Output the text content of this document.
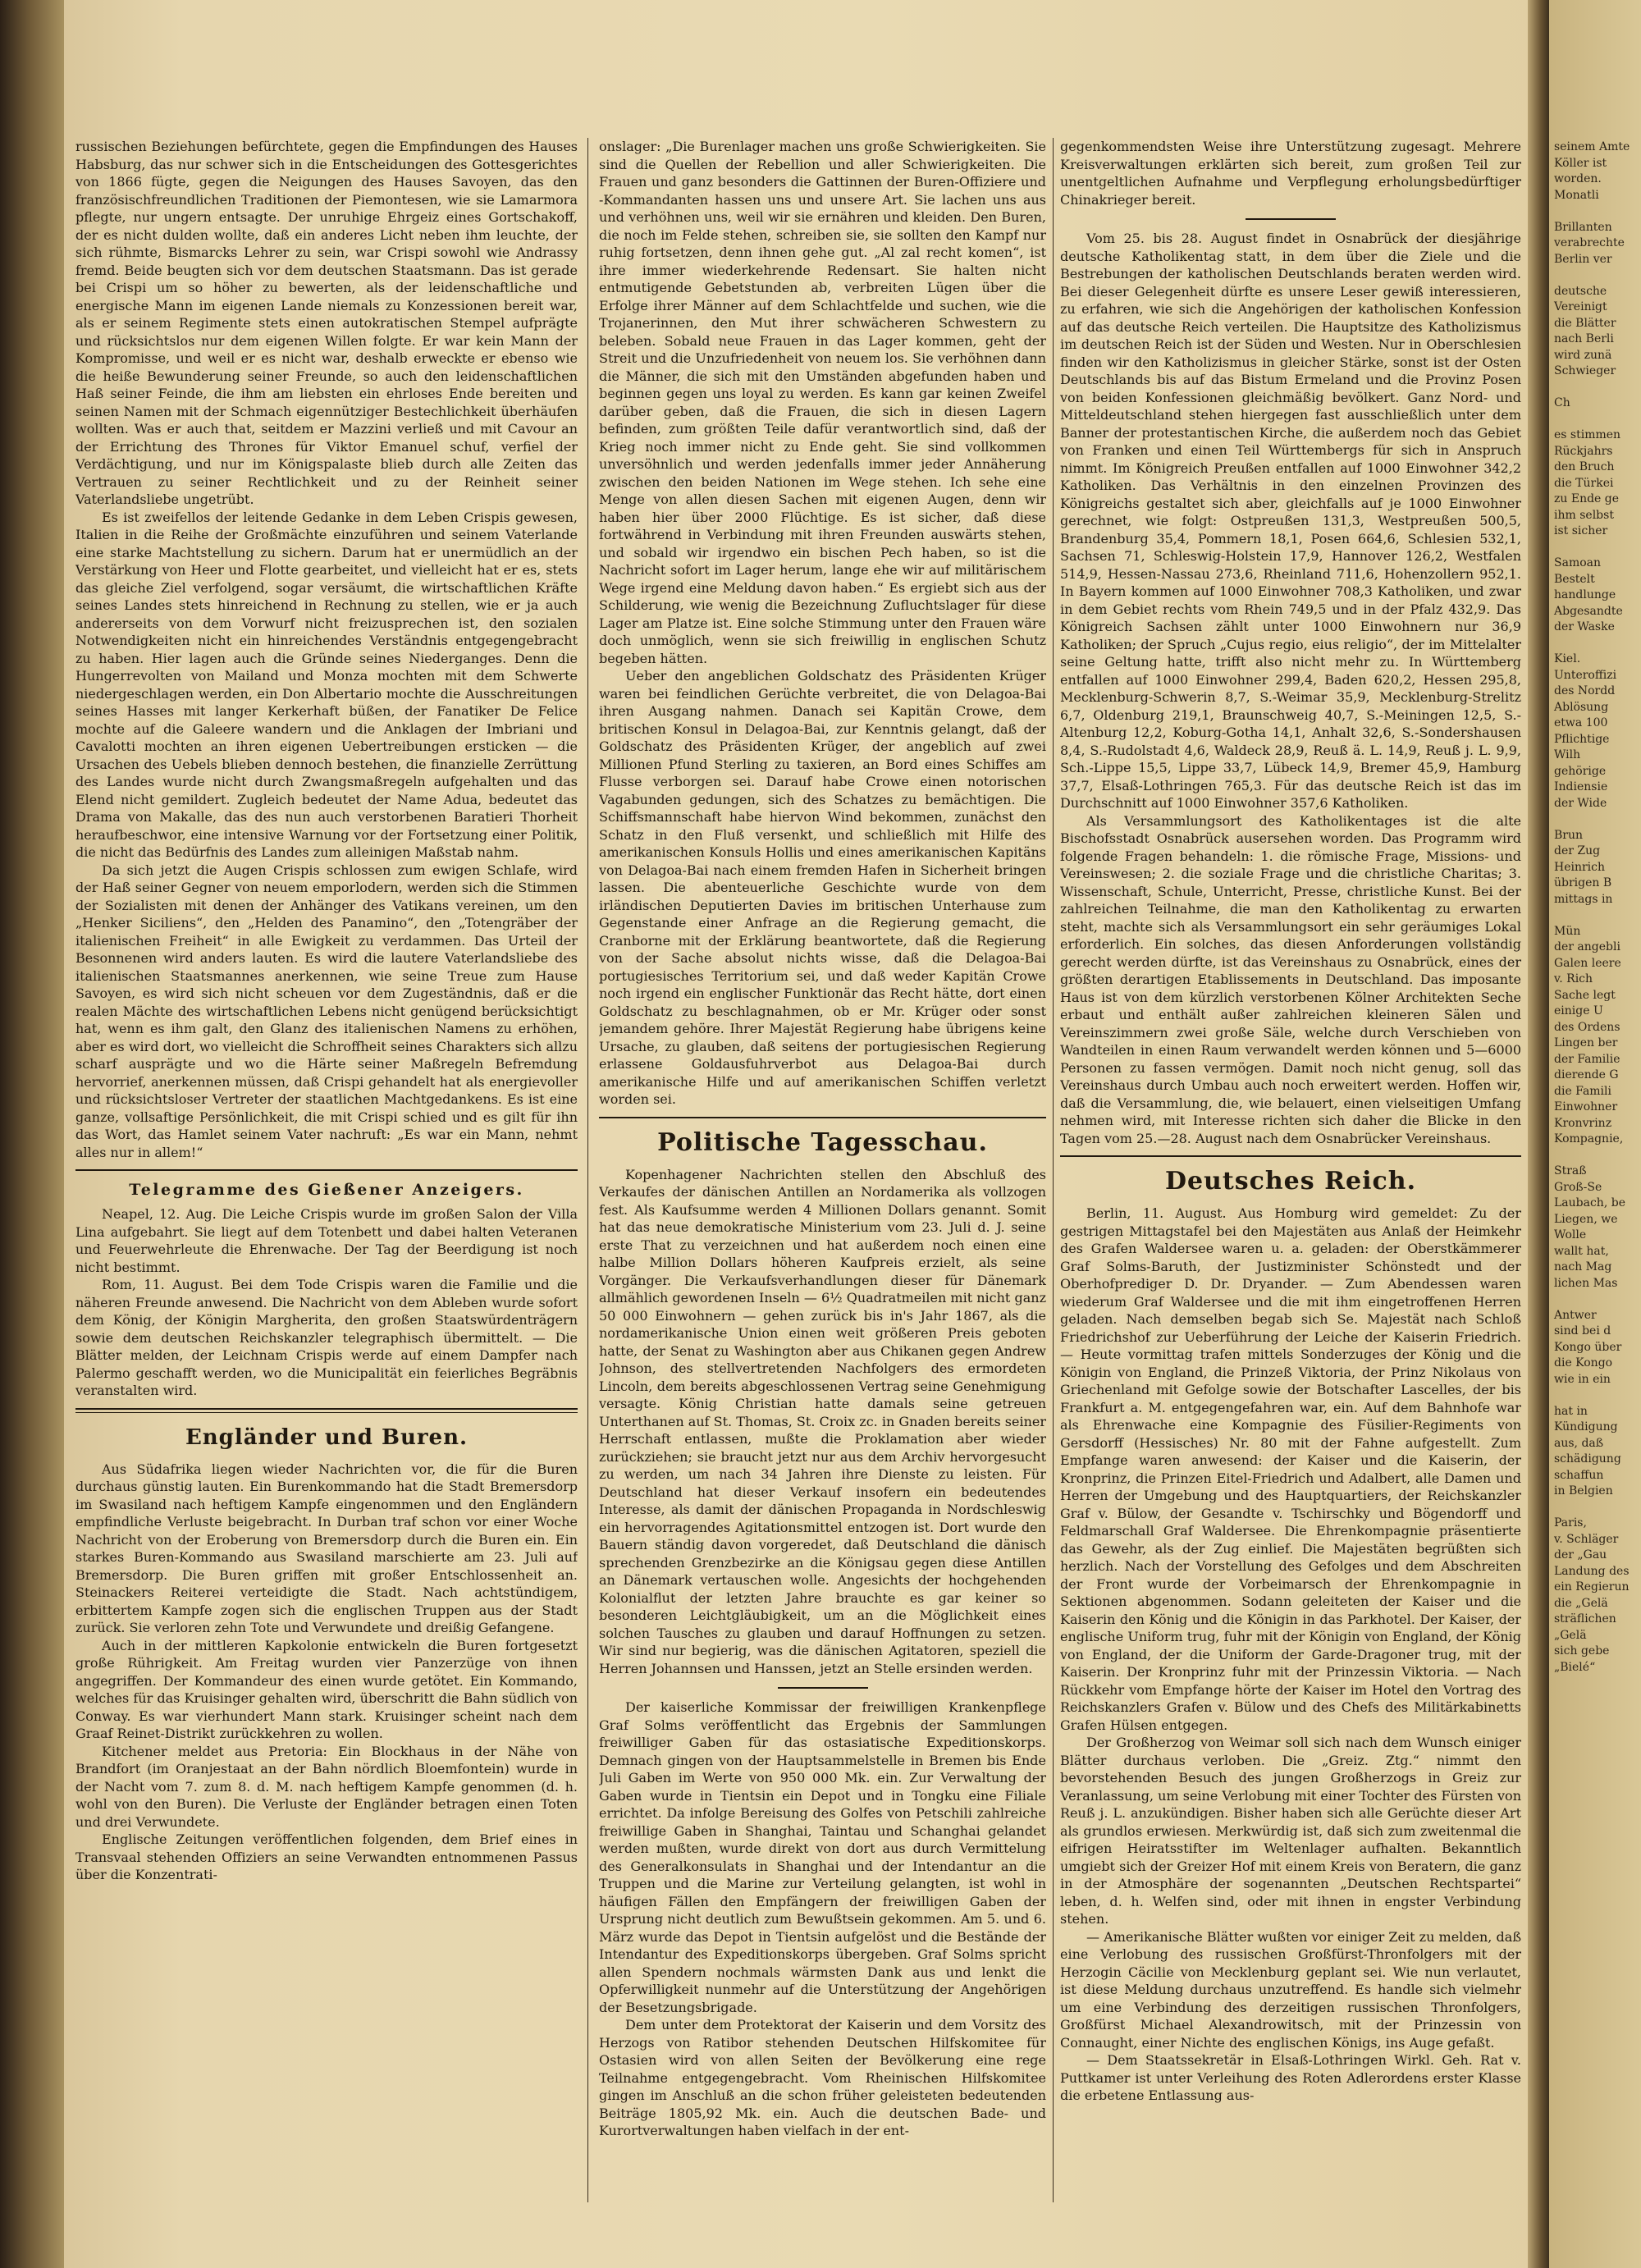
seinem Amte
Köller ist
worden.
Monatli

Brillanten
verabrechte
Berlin ver

deutsche
Vereinigt
die Blätter
nach Berli
wird zunä
Schwieger

Ch

es stimmen
Rückjahrs
den Bruch
die Türkei
zu Ende ge
ihm selbst
ist sicher

Samoan
Bestelt
handlunge
Abgesandte
der Waske

Kiel.
Unteroffizi
des Nordd
Ablösung
etwa 100
Pflichtige
Wilh
gehörige
Indiensie
der Wide

Brun
der Zug
Heinrich
übrigen B
mittags in

Mün
der angebli
Galen leere
v. Rich
Sache legt
einige U
des Ordens
Lingen ber
der Familie
dierende G
die Famili
Einwohner
Kronvrinz
Kompagnie,

Straß
Groß-Se
Laubach, be
Liegen, we
Wolle
wallt hat,
nach Mag
lichen Mas

Antwer
sind bei d
Kongo über
die Kongo
wie in ein

hat in
Kündigung
aus, daß
schädigung
schaffun
in Belgien

Paris,
v. Schläger
der „Gau
Landung des
ein Regierun
die „Gelä
sträflichen
„Gelä
sich gebe
„Bielé“

russischen Beziehungen befürchtete, gegen die Empfindungen des Hauses Habsburg, das nur schwer sich in die Entscheidungen des Gottesgerichtes von 1866 fügte, gegen die Neigungen des Hauses Savoyen, das den französischfreundlichen Traditionen der Piemontesen, wie sie Lamarmora pflegte, nur ungern entsagte. Der unruhige Ehrgeiz eines Gortschakoff, der es nicht dulden wollte, daß ein anderes Licht neben ihm leuchte, der sich rühmte, Bismarcks Lehrer zu sein, war Crispi sowohl wie Andrassy fremd. Beide beugten sich vor dem deutschen Staatsmann. Das ist gerade bei Crispi um so höher zu bewerten, als der leidenschaftliche und energische Mann im eigenen Lande niemals zu Konzessionen bereit war, als er seinem Regimente stets einen autokratischen Stempel aufprägte und rücksichtslos nur dem eigenen Willen folgte. Er war kein Mann der Kompromisse, und weil er es nicht war, deshalb erweckte er ebenso wie die heiße Bewunderung seiner Freunde, so auch den leidenschaftlichen Haß seiner Feinde, die ihm am liebsten ein ehrloses Ende bereiten und seinen Namen mit der Schmach eigennütziger Bestechlichkeit überhäufen wollten. Was er auch that, seitdem er Mazzini verließ und mit Cavour an der Errichtung des Thrones für Viktor Emanuel schuf, verfiel der Verdächtigung, und nur im Königspalaste blieb durch alle Zeiten das Vertrauen zu seiner Rechtlichkeit und zu der Reinheit seiner Vaterlandsliebe ungetrübt.

Es ist zweifellos der leitende Gedanke in dem Leben Crispis gewesen, Italien in die Reihe der Großmächte einzuführen und seinem Vaterlande eine starke Machtstellung zu sichern. Darum hat er unermüdlich an der Verstärkung von Heer und Flotte gearbeitet, und vielleicht hat er es, stets das gleiche Ziel verfolgend, sogar versäumt, die wirtschaftlichen Kräfte seines Landes stets hinreichend in Rechnung zu stellen, wie er ja auch andererseits von dem Vorwurf nicht freizusprechen ist, den sozialen Notwendigkeiten nicht ein hinreichendes Verständnis entgegengebracht zu haben. Hier lagen auch die Gründe seines Niederganges. Denn die Hungerrevolten von Mailand und Monza mochten mit dem Schwerte niedergeschlagen werden, ein Don Albertario mochte die Ausschreitungen seines Hasses mit langer Kerkerhaft büßen, der Fanatiker De Felice mochte auf die Galeere wandern und die Anklagen der Imbriani und Cavalotti mochten an ihren eigenen Uebertreibungen ersticken — die Ursachen des Uebels blieben dennoch bestehen, die finanzielle Zerrüttung des Landes wurde nicht durch Zwangsmaßregeln aufgehalten und das Elend nicht gemildert. Zugleich bedeutet der Name Adua, bedeutet das Drama von Makalle, das des nun auch verstorbenen Baratieri Thorheit heraufbeschwor, eine intensive Warnung vor der Fortsetzung einer Politik, die nicht das Bedürfnis des Landes zum alleinigen Maßstab nahm.

Da sich jetzt die Augen Crispis schlossen zum ewigen Schlafe, wird der Haß seiner Gegner von neuem emporlodern, werden sich die Stimmen der Sozialisten mit denen der Anhänger des Vatikans vereinen, um den „Henker Siciliens“, den „Helden des Panamino“, den „Totengräber der italienischen Freiheit“ in alle Ewigkeit zu verdammen. Das Urteil der Besonnenen wird anders lauten. Es wird die lautere Vaterlandsliebe des italienischen Staatsmannes anerkennen, wie seine Treue zum Hause Savoyen, es wird sich nicht scheuen vor dem Zugeständnis, daß er die realen Mächte des wirtschaftlichen Lebens nicht genügend berücksichtigt hat, wenn es ihm galt, den Glanz des italienischen Namens zu erhöhen, aber es wird dort, wo vielleicht die Schroffheit seines Charakters sich allzu scharf ausprägte und wo die Härte seiner Maßregeln Befremdung hervorrief, anerkennen müssen, daß Crispi gehandelt hat als energievoller und rücksichtsloser Vertreter der staatlichen Machtgedankens. Es ist eine ganze, vollsaftige Persönlichkeit, die mit Crispi schied und es gilt für ihn das Wort, das Hamlet seinem Vater nachruft: „Es war ein Mann, nehmt alles nur in allem!“

Telegramme des Gießener Anzeigers.

Neapel, 12. Aug. Die Leiche Crispis wurde im großen Salon der Villa Lina aufgebahrt. Sie liegt auf dem Totenbett und dabei halten Veteranen und Feuerwehrleute die Ehrenwache. Der Tag der Beerdigung ist noch nicht bestimmt.

Rom, 11. August. Bei dem Tode Crispis waren die Familie und die näheren Freunde anwesend. Die Nachricht von dem Ableben wurde sofort dem König, der Königin Margherita, den großen Staatswürdenträgern sowie dem deutschen Reichskanzler telegraphisch übermittelt. — Die Blätter melden, der Leichnam Crispis werde auf einem Dampfer nach Palermo geschafft werden, wo die Municipalität ein feierliches Begräbnis veranstalten wird.

Engländer und Buren.

Aus Südafrika liegen wieder Nachrichten vor, die für die Buren durchaus günstig lauten. Ein Burenkommando hat die Stadt Bremersdorp im Swasiland nach heftigem Kampfe eingenommen und den Engländern empfindliche Verluste beigebracht. In Durban traf schon vor einer Woche Nachricht von der Eroberung von Bremersdorp durch die Buren ein. Ein starkes Buren-Kommando aus Swasiland marschierte am 23. Juli auf Bremersdorp. Die Buren griffen mit großer Entschlossenheit an. Steinackers Reiterei verteidigte die Stadt. Nach achtstündigem, erbittertem Kampfe zogen sich die englischen Truppen aus der Stadt zurück. Sie verloren zehn Tote und Verwundete und dreißig Gefangene.

Auch in der mittleren Kapkolonie entwickeln die Buren fortgesetzt große Rührigkeit. Am Freitag wurden vier Panzerzüge von ihnen angegriffen. Der Kommandeur des einen wurde getötet. Ein Kommando, welches für das Kruisinger gehalten wird, überschritt die Bahn südlich von Conway. Es war vierhundert Mann stark. Kruisinger scheint nach dem Graaf Reinet-Distrikt zurückkehren zu wollen.

Kitchener meldet aus Pretoria: Ein Blockhaus in der Nähe von Brandfort (im Oranjestaat an der Bahn nördlich Bloemfontein) wurde in der Nacht vom 7. zum 8. d. M. nach heftigem Kampfe genommen (d. h. wohl von den Buren). Die Verluste der Engländer betragen einen Toten und drei Verwundete.

Englische Zeitungen veröffentlichen folgenden, dem Brief eines in Transvaal stehenden Offiziers an seine Verwandten entnommenen Passus über die Konzentrati-

onslager: „Die Burenlager machen uns große Schwierigkeiten. Sie sind die Quellen der Rebellion und aller Schwierigkeiten. Die Frauen und ganz besonders die Gattinnen der Buren-Offiziere und -Kommandanten hassen uns und unsere Art. Sie lachen uns aus und verhöhnen uns, weil wir sie ernähren und kleiden. Den Buren, die noch im Felde stehen, schreiben sie, sie sollten den Kampf nur ruhig fortsetzen, denn ihnen gehe gut. „Al zal recht komen“, ist ihre immer wiederkehrende Redensart. Sie halten nicht entmutigende Gebetstunden ab, verbreiten Lügen über die Erfolge ihrer Männer auf dem Schlachtfelde und suchen, wie die Trojanerinnen, den Mut ihrer schwächeren Schwestern zu beleben. Sobald neue Frauen in das Lager kommen, geht der Streit und die Unzufriedenheit von neuem los. Sie verhöhnen dann die Männer, die sich mit den Umständen abgefunden haben und beginnen gegen uns loyal zu werden. Es kann gar keinen Zweifel darüber geben, daß die Frauen, die sich in diesen Lagern befinden, zum größten Teile dafür verantwortlich sind, daß der Krieg noch immer nicht zu Ende geht. Sie sind vollkommen unversöhnlich und werden jedenfalls immer jeder Annäherung zwischen den beiden Nationen im Wege stehen. Ich sehe eine Menge von allen diesen Sachen mit eigenen Augen, denn wir haben hier über 2000 Flüchtige. Es ist sicher, daß diese fortwährend in Verbindung mit ihren Freunden auswärts stehen, und sobald wir irgendwo ein bischen Pech haben, so ist die Nachricht sofort im Lager herum, lange ehe wir auf militärischem Wege irgend eine Meldung davon haben.“ Es ergiebt sich aus der Schilderung, wie wenig die Bezeichnung Zufluchtslager für diese Lager am Platze ist. Eine solche Stimmung unter den Frauen wäre doch unmöglich, wenn sie sich freiwillig in englischen Schutz begeben hätten.

Ueber den angeblichen Goldschatz des Präsidenten Krüger waren bei feindlichen Gerüchte verbreitet, die von Delagoa-Bai ihren Ausgang nahmen. Danach sei Kapitän Crowe, dem britischen Konsul in Delagoa-Bai, zur Kenntnis gelangt, daß der Goldschatz des Präsidenten Krüger, der angeblich auf zwei Millionen Pfund Sterling zu taxieren, an Bord eines Schiffes am Flusse verborgen sei. Darauf habe Crowe einen notorischen Vagabunden gedungen, sich des Schatzes zu bemächtigen. Die Schiffsmannschaft habe hiervon Wind bekommen, zunächst den Schatz in den Fluß versenkt, und schließlich mit Hilfe des amerikanischen Konsuls Hollis und eines amerikanischen Kapitäns von Delagoa-Bai nach einem fremden Hafen in Sicherheit bringen lassen. Die abenteuerliche Geschichte wurde von dem irländischen Deputierten Davies im britischen Unterhause zum Gegenstande einer Anfrage an die Regierung gemacht, die Cranborne mit der Erklärung beantwortete, daß die Regierung von der Sache absolut nichts wisse, daß die Delagoa-Bai portugiesisches Territorium sei, und daß weder Kapitän Crowe noch irgend ein englischer Funktionär das Recht hätte, dort einen Goldschatz zu beschlagnahmen, ob er Mr. Krüger oder sonst jemandem gehöre. Ihrer Majestät Regierung habe übrigens keine Ursache, zu glauben, daß seitens der portugiesischen Regierung erlassene Goldausfuhrverbot aus Delagoa-Bai durch amerikanische Hilfe und auf amerikanischen Schiffen verletzt worden sei.

Politische Tagesschau.

Kopenhagener Nachrichten stellen den Abschluß des Verkaufes der dänischen Antillen an Nordamerika als vollzogen fest. Als Kaufsumme werden 4 Millionen Dollars genannt. Somit hat das neue demokratische Ministerium vom 23. Juli d. J. seine erste That zu verzeichnen und hat außerdem noch einen eine halbe Million Dollars höheren Kaufpreis erzielt, als seine Vorgänger. Die Verkaufsverhandlungen dieser für Dänemark allmählich gewordenen Inseln — 6½ Quadratmeilen mit nicht ganz 50 000 Einwohnern — gehen zurück bis in's Jahr 1867, als die nordamerikanische Union einen weit größeren Preis geboten hatte, der Senat zu Washington aber aus Chikanen gegen Andrew Johnson, des stellvertretenden Nachfolgers des ermordeten Lincoln, dem bereits abgeschlossenen Vertrag seine Genehmigung versagte. König Christian hatte damals seine getreuen Unterthanen auf St. Thomas, St. Croix zc. in Gnaden bereits seiner Herrschaft entlassen, mußte die Proklamation aber wieder zurückziehen; sie braucht jetzt nur aus dem Archiv hervorgesucht zu werden, um nach 34 Jahren ihre Dienste zu leisten. Für Deutschland hat dieser Verkauf insofern ein bedeutendes Interesse, als damit der dänischen Propaganda in Nordschleswig ein hervorragendes Agitationsmittel entzogen ist. Dort wurde den Bauern ständig davon vorgeredet, daß Deutschland die dänisch sprechenden Grenzbezirke an die Königsau gegen diese Antillen an Dänemark vertauschen wolle. Angesichts der hochgehenden Kolonialflut der letzten Jahre brauchte es gar keiner so besonderen Leichtgläubigkeit, um an die Möglichkeit eines solchen Tausches zu glauben und darauf Hoffnungen zu setzen. Wir sind nur begierig, was die dänischen Agitatoren, speziell die Herren Johannsen und Hanssen, jetzt an Stelle ersinden werden.

Der kaiserliche Kommissar der freiwilligen Krankenpflege Graf Solms veröffentlicht das Ergebnis der Sammlungen freiwilliger Gaben für das ostasiatische Expeditionskorps. Demnach gingen von der Hauptsammelstelle in Bremen bis Ende Juli Gaben im Werte von 950 000 Mk. ein. Zur Verwaltung der Gaben wurde in Tientsin ein Depot und in Tongku eine Filiale errichtet. Da infolge Bereisung des Golfes von Petschili zahlreiche freiwillige Gaben in Shanghai, Taintau und Schanghai gelandet werden mußten, wurde direkt von dort aus durch Vermittelung des Generalkonsulats in Shanghai und der Intendantur an die Truppen und die Marine zur Verteilung gelangten, ist wohl in häufigen Fällen den Empfängern der freiwilligen Gaben der Ursprung nicht deutlich zum Bewußtsein gekommen. Am 5. und 6. März wurde das Depot in Tientsin aufgelöst und die Bestände der Intendantur des Expeditionskorps übergeben. Graf Solms spricht allen Spendern nochmals wärmsten Dank aus und lenkt die Opferwilligkeit nunmehr auf die Unterstützung der Angehörigen der Besetzungsbrigade.

Dem unter dem Protektorat der Kaiserin und dem Vorsitz des Herzogs von Ratibor stehenden Deutschen Hilfskomitee für Ostasien wird von allen Seiten der Bevölkerung eine rege Teilnahme entgegengebracht. Vom Rheinischen Hilfskomitee gingen im Anschluß an die schon früher geleisteten bedeutenden Beiträge 1805,92 Mk. ein. Auch die deutschen Bade- und Kurortverwaltungen haben vielfach in der ent-

gegenkommendsten Weise ihre Unterstützung zugesagt. Mehrere Kreisverwaltungen erklärten sich bereit, zum großen Teil zur unentgeltlichen Aufnahme und Verpflegung erholungsbedürftiger Chinakrieger bereit.

Vom 25. bis 28. August findet in Osnabrück der diesjährige deutsche Katholikentag statt, in dem über die Ziele und die Bestrebungen der katholischen Deutschlands beraten werden wird. Bei dieser Gelegenheit dürfte es unsere Leser gewiß interessieren, zu erfahren, wie sich die Angehörigen der katholischen Konfession auf das deutsche Reich verteilen. Die Hauptsitze des Katholizismus im deutschen Reich ist der Süden und Westen. Nur in Oberschlesien finden wir den Katholizismus in gleicher Stärke, sonst ist der Osten Deutschlands bis auf das Bistum Ermeland und die Provinz Posen von beiden Konfessionen gleichmäßig bevölkert. Ganz Nord- und Mitteldeutschland stehen hiergegen fast ausschließlich unter dem Banner der protestantischen Kirche, die außerdem noch das Gebiet von Franken und einen Teil Württembergs für sich in Anspruch nimmt. Im Königreich Preußen entfallen auf 1000 Einwohner 342,2 Katholiken. Das Verhältnis in den einzelnen Provinzen des Königreichs gestaltet sich aber, gleichfalls auf je 1000 Einwohner gerechnet, wie folgt: Ostpreußen 131,3, Westpreußen 500,5, Brandenburg 35,4, Pommern 18,1, Posen 664,6, Schlesien 532,1, Sachsen 71, Schleswig-Holstein 17,9, Hannover 126,2, Westfalen 514,9, Hessen-Nassau 273,6, Rheinland 711,6, Hohenzollern 952,1. In Bayern kommen auf 1000 Einwohner 708,3 Katholiken, und zwar in dem Gebiet rechts vom Rhein 749,5 und in der Pfalz 432,9. Das Königreich Sachsen zählt unter 1000 Einwohnern nur 36,9 Katholiken; der Spruch „Cujus regio, eius religio“, der im Mittelalter seine Geltung hatte, trifft also nicht mehr zu. In Württemberg entfallen auf 1000 Einwohner 299,4, Baden 620,2, Hessen 295,8, Mecklenburg-Schwerin 8,7, S.-Weimar 35,9, Mecklenburg-Strelitz 6,7, Oldenburg 219,1, Braunschweig 40,7, S.-Meiningen 12,5, S.-Altenburg 12,2, Koburg-Gotha 14,1, Anhalt 32,6, S.-Sondershausen 8,4, S.-Rudolstadt 4,6, Waldeck 28,9, Reuß ä. L. 14,9, Reuß j. L. 9,9, Sch.-Lippe 15,5, Lippe 33,7, Lübeck 14,9, Bremer 45,9, Hamburg 37,7, Elsaß-Lothringen 765,3. Für das deutsche Reich ist das im Durchschnitt auf 1000 Einwohner 357,6 Katholiken.

Als Versammlungsort des Katholikentages ist die alte Bischofsstadt Osnabrück ausersehen worden. Das Programm wird folgende Fragen behandeln: 1. die römische Frage, Missions- und Vereinswesen; 2. die soziale Frage und die christliche Charitas; 3. Wissenschaft, Schule, Unterricht, Presse, christliche Kunst. Bei der zahlreichen Teilnahme, die man den Katholikentag zu erwarten steht, machte sich als Versammlungsort ein sehr geräumiges Lokal erforderlich. Ein solches, das diesen Anforderungen vollständig gerecht werden dürfte, ist das Vereinshaus zu Osnabrück, eines der größten derartigen Etablissements in Deutschland. Das imposante Haus ist von dem kürzlich verstorbenen Kölner Architekten Seche erbaut und enthält außer zahlreichen kleineren Sälen und Vereinszimmern zwei große Säle, welche durch Verschieben von Wandteilen in einen Raum verwandelt werden können und 5—6000 Personen zu fassen vermögen. Damit noch nicht genug, soll das Vereinshaus durch Umbau auch noch erweitert werden. Hoffen wir, daß die Versammlung, die, wie belauert, einen vielseitigen Umfang nehmen wird, mit Interesse richten sich daher die Blicke in den Tagen vom 25.—28. August nach dem Osnabrücker Vereinshaus.

Deutsches Reich.

Berlin, 11. August. Aus Homburg wird gemeldet: Zu der gestrigen Mittagstafel bei den Majestäten aus Anlaß der Heimkehr des Grafen Waldersee waren u. a. geladen: der Oberstkämmerer Graf Solms-Baruth, der Justizminister Schönstedt und der Oberhofprediger D. Dr. Dryander. — Zum Abendessen waren wiederum Graf Waldersee und die mit ihm eingetroffenen Herren geladen. Nach demselben begab sich Se. Majestät nach Schloß Friedrichshof zur Ueberführung der Leiche der Kaiserin Friedrich. — Heute vormittag trafen mittels Sonderzuges der König und die Königin von England, die Prinzeß Viktoria, der Prinz Nikolaus von Griechenland mit Gefolge sowie der Botschafter Lascelles, der bis Frankfurt a. M. entgegengefahren war, ein. Auf dem Bahnhofe war als Ehrenwache eine Kompagnie des Füsilier-Regiments von Gersdorff (Hessisches) Nr. 80 mit der Fahne aufgestellt. Zum Empfange waren anwesend: der Kaiser und die Kaiserin, der Kronprinz, die Prinzen Eitel-Friedrich und Adalbert, alle Damen und Herren der Umgebung und des Hauptquartiers, der Reichskanzler Graf v. Bülow, der Gesandte v. Tschirschky und Bögendorff und Feldmarschall Graf Waldersee. Die Ehrenkompagnie präsentierte das Gewehr, als der Zug einlief. Die Majestäten begrüßten sich herzlich. Nach der Vorstellung des Gefolges und dem Abschreiten der Front wurde der Vorbeimarsch der Ehrenkompagnie in Sektionen abgenommen. Sodann geleiteten der Kaiser und die Kaiserin den König und die Königin in das Parkhotel. Der Kaiser, der englische Uniform trug, fuhr mit der Königin von England, der König von England, der die Uniform der Garde-Dragoner trug, mit der Kaiserin. Der Kronprinz fuhr mit der Prinzessin Viktoria. — Nach Rückkehr vom Empfange hörte der Kaiser im Hotel den Vortrag des Reichskanzlers Grafen v. Bülow und des Chefs des Militärkabinetts Grafen Hülsen entgegen.

Der Großherzog von Weimar soll sich nach dem Wunsch einiger Blätter durchaus verloben. Die „Greiz. Ztg.“ nimmt den bevorstehenden Besuch des jungen Großherzogs in Greiz zur Veranlassung, um seine Verlobung mit einer Tochter des Fürsten von Reuß j. L. anzukündigen. Bisher haben sich alle Gerüchte dieser Art als grundlos erwiesen. Merkwürdig ist, daß sich zum zweitenmal die eifrigen Heiratsstifter im Weltenlager aufhalten. Bekanntlich umgiebt sich der Greizer Hof mit einem Kreis von Beratern, die ganz in der Atmosphäre der sogenannten „Deutschen Rechtspartei“ leben, d. h. Welfen sind, oder mit ihnen in engster Verbindung stehen.

— Amerikanische Blätter wußten vor einiger Zeit zu melden, daß eine Verlobung des russischen Großfürst-Thronfolgers mit der Herzogin Cäcilie von Mecklenburg geplant sei. Wie nun verlautet, ist diese Meldung durchaus unzutreffend. Es handle sich vielmehr um eine Verbindung des derzeitigen russischen Thronfolgers, Großfürst Michael Alexandrowitsch, mit der Prinzessin von Connaught, einer Nichte des englischen Königs, ins Auge gefaßt.

— Dem Staatssekretär in Elsaß-Lothringen Wirkl. Geh. Rat v. Puttkamer ist unter Verleihung des Roten Adlerordens erster Klasse die erbetene Entlassung aus-
